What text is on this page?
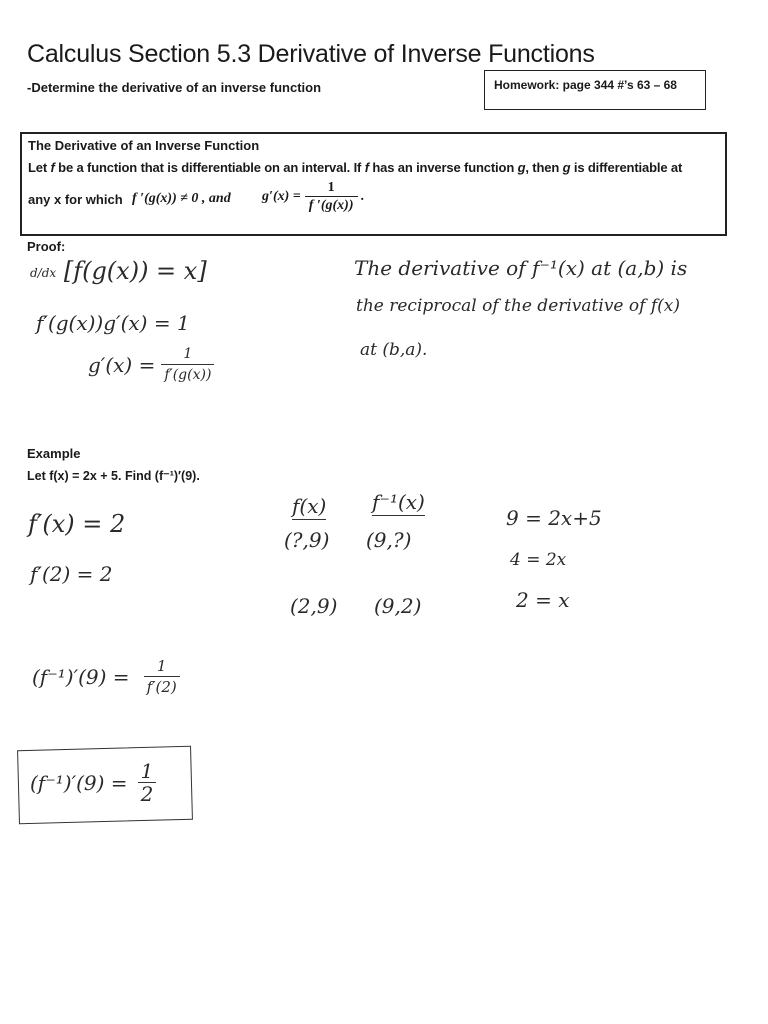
Calculus Section 5.3 Derivative of Inverse Functions
-Determine the derivative of an inverse function	Homework: page 344 #’s 63 – 68
The Derivative of an Inverse Function
Let f be a function that is differentiable on an interval. If f has an inverse function g, then g is differentiable at
any x for which f ′(g(x)) ≠ 0 , and $g'(x) = \frac{1}{f '(g(x))}$ .
Proof:
d/dx [f(g(x)) = x]
f′(g(x))g′(x) = 1
$g'(x) = \frac{1}{f'(g(x))}$
The derivative of f⁻¹(x) at (a,b) is
the reciprocal of the derivative of f(x)
at (b,a).
Example
Let f(x) = 2x + 5. Find (f⁻¹)′(9).
f′(x) = 2
f′(2) = 2
f(x) f⁻¹(x)
(?,9) (9,?)
(2,9) (9,2)
9 = 2x+5
4 = 2x
2 = x
$(f^{-1})'(9) = \frac{1}{f'(2)}$
$(f^{-1})'(9) = \frac{1}{2}$
